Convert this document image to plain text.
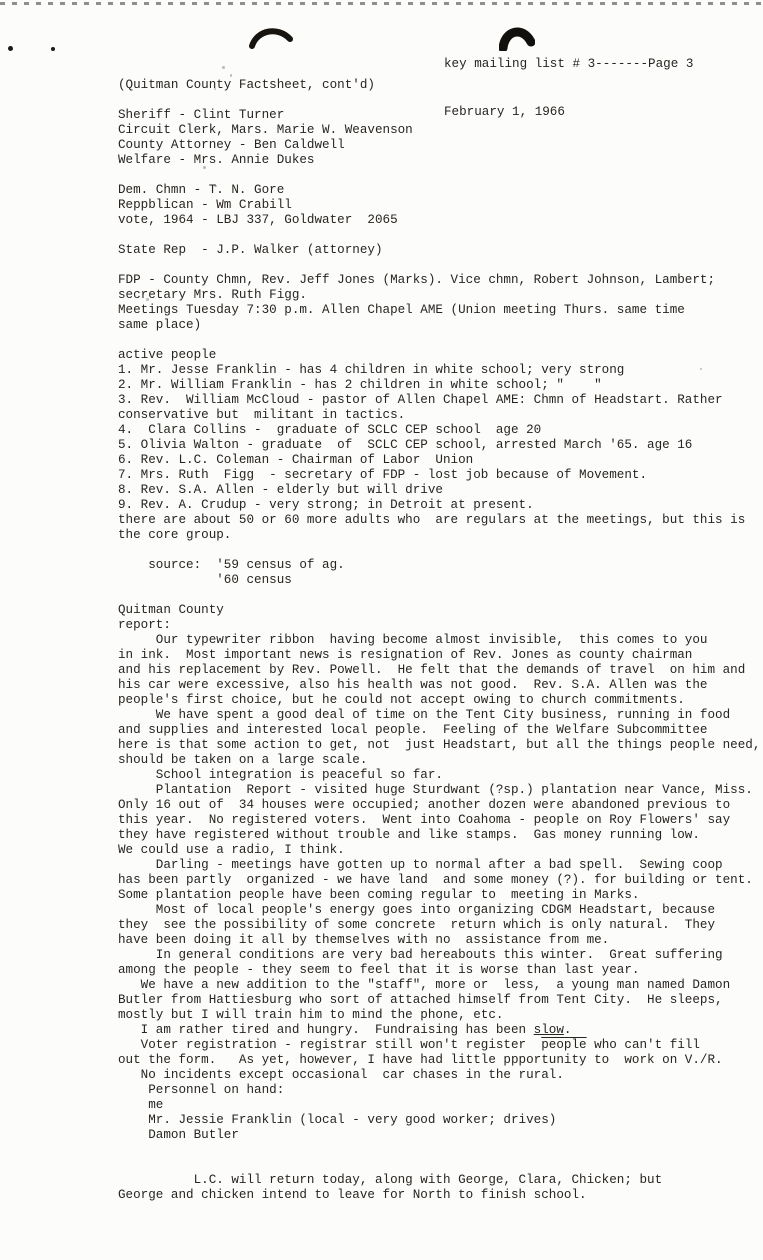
key mailing list # 3-------Page 3

February 1, 1966

(Quitman County Factsheet, cont'd)

Sheriff - Clint Turner
Circuit Clerk, Mars. Marie W. Weavenson
County Attorney - Ben Caldwell
Welfare - Mrs. Annie Dukes

Dem. Chmn - T. N. Gore
Reppblican - Wm Crabill
vote, 1964 - LBJ 337, Goldwater  2065

State Rep  - J.P. Walker (attorney)

FDP - County Chmn, Rev. Jeff Jones (Marks). Vice chmn, Robert Johnson, Lambert;
secretary Mrs. Ruth Figg.
Meetings Tuesday 7:30 p.m. Allen Chapel AME (Union meeting Thurs. same time
same place)

active people
1. Mr. Jesse Franklin - has 4 children in white school; very strong
2. Mr. William Franklin - has 2 children in white school; "    "
3. Rev.  William McCloud - pastor of Allen Chapel AME: Chmn of Headstart. Rather
conservative but  militant in tactics.
4.  Clara Collins -  graduate of SCLC CEP school  age 20
5. Olivia Walton - graduate  of  SCLC CEP school, arrested March '65. age 16
6. Rev. L.C. Coleman - Chairman of Labor  Union
7. Mrs. Ruth  Figg  - secretary of FDP - lost job because of Movement.
8. Rev. S.A. Allen - elderly but will drive
9. Rev. A. Crudup - very strong; in Detroit at present.
there are about 50 or 60 more adults who  are regulars at the meetings, but this is
the core group.

source:  '59 census of ag.
'60 census

Quitman County
report:
Our typewriter ribbon  having become almost invisible,  this comes to you
in ink.  Most important news is resignation of Rev. Jones as county chairman
and his replacement by Rev. Powell.  He felt that the demands of travel  on him and
his car were excessive, also his health was not good.  Rev. S.A. Allen was the
people's first choice, but he could not accept owing to church commitments.
We have spent a good deal of time on the Tent City business, running in food
and supplies and interested local people.  Feeling of the Welfare Subcommittee
here is that some action to get, not  just Headstart, but all the things people need,
should be taken on a large scale.
School integration is peaceful so far.
Plantation  Report - visited huge Sturdwant (?sp.) plantation near Vance, Miss.
Only 16 out of  34 houses were occupied; another dozen were abandoned previous to
this year.  No registered voters.  Went into Coahoma - people on Roy Flowers' say
they have registered without trouble and like stamps.  Gas money running low.
We could use a radio, I think.
Darling - meetings have gotten up to normal after a bad spell.  Sewing coop
has been partly  organized - we have land  and some money (?). for building or tent.
Some plantation people have been coming regular to  meeting in Marks.
Most of local people's energy goes into organizing CDGM Headstart, because
they  see the possibility of some concrete  return which is only natural.  They
have been doing it all by themselves with no  assistance from me.
In general conditions are very bad hereabouts this winter.  Great suffering
among the people - they seem to feel that it is worse than last year.
We have a new addition to the "staff", more or  less,  a young man named Damon
Butler from Hattiesburg who sort of attached himself from Tent City.  He sleeps,
mostly but I will train him to mind the phone, etc.
I am rather tired and hungry.  Fundraising has been slow.
Voter registration - registrar still won't register  people who can't fill
out the form.   As yet, however, I have had little ppportunity to  work on V./R.
No incidents except occasional  car chases in the rural.
Personnel on hand:
me
Mr. Jessie Franklin (local - very good worker; drives)
Damon Butler

L.C. will return today, along with George, Clara, Chicken; but
George and chicken intend to leave for North to finish school.
